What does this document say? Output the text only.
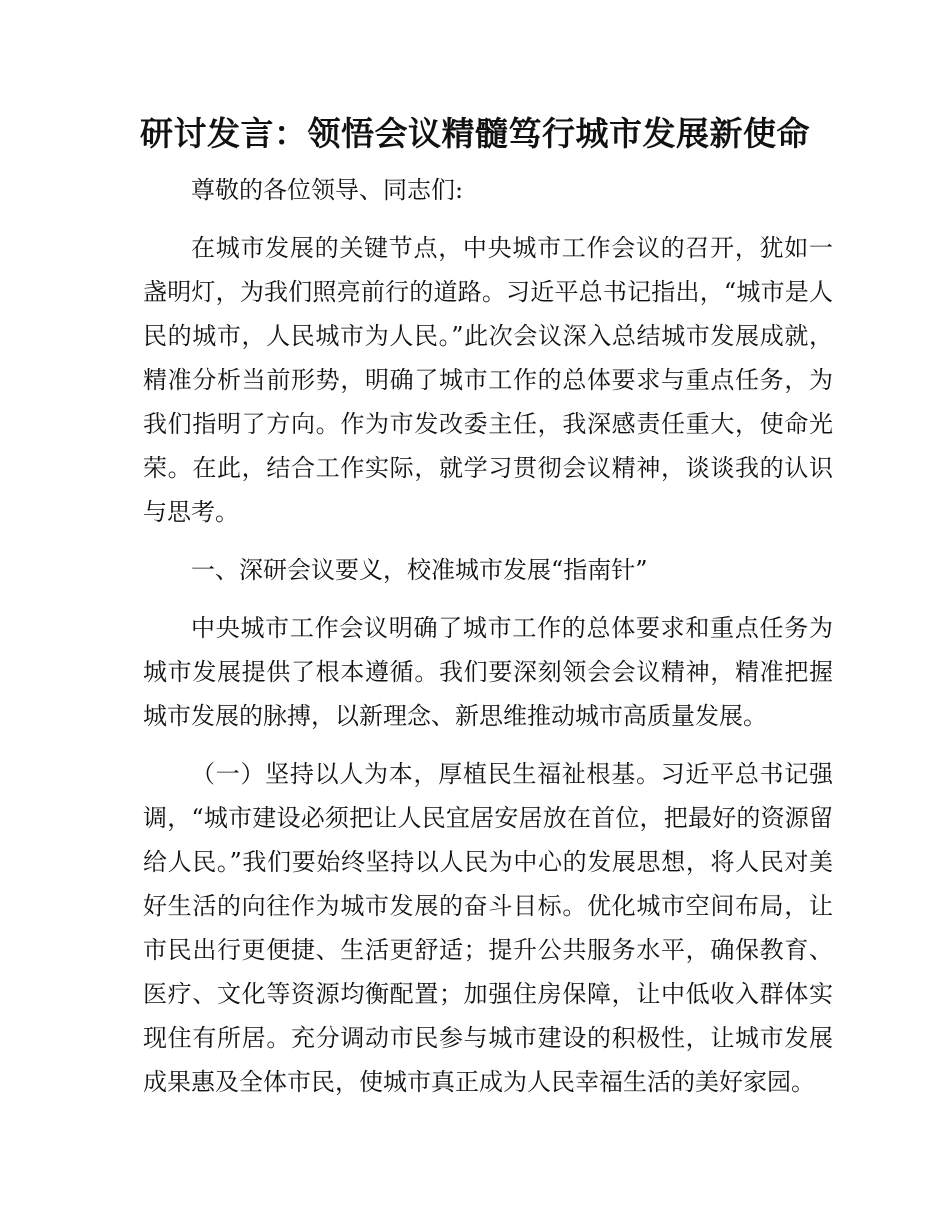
研讨发言：领悟会议精髓笃行城市发展新使命

尊敬的各位领导、同志们:

在城市发展的关键节点，中央城市工作会议的召开，犹如一盏明灯，为我们照亮前行的道路。习近平总书记指出，“城市是人民的城市，人民城市为人民。”此次会议深入总结城市发展成就，精准分析当前形势，明确了城市工作的总体要求与重点任务，为我们指明了方向。作为市发改委主任，我深感责任重大，使命光荣。在此，结合工作实际，就学习贯彻会议精神，谈谈我的认识与思考。

一、深研会议要义，校准城市发展“指南针”

中央城市工作会议明确了城市工作的总体要求和重点任务为城市发展提供了根本遵循。我们要深刻领会会议精神，精准把握城市发展的脉搏，以新理念、新思维推动城市高质量发展。

（一）坚持以人为本，厚植民生福祉根基。习近平总书记强调，“城市建设必须把让人民宜居安居放在首位，把最好的资源留给人民。”我们要始终坚持以人民为中心的发展思想，将人民对美好生活的向往作为城市发展的奋斗目标。优化城市空间布局，让市民出行更便捷、生活更舒适；提升公共服务水平，确保教育、医疗、文化等资源均衡配置；加强住房保障，让中低收入群体实现住有所居。充分调动市民参与城市建设的积极性，让城市发展成果惠及全体市民，使城市真正成为人民幸福生活的美好家园。
